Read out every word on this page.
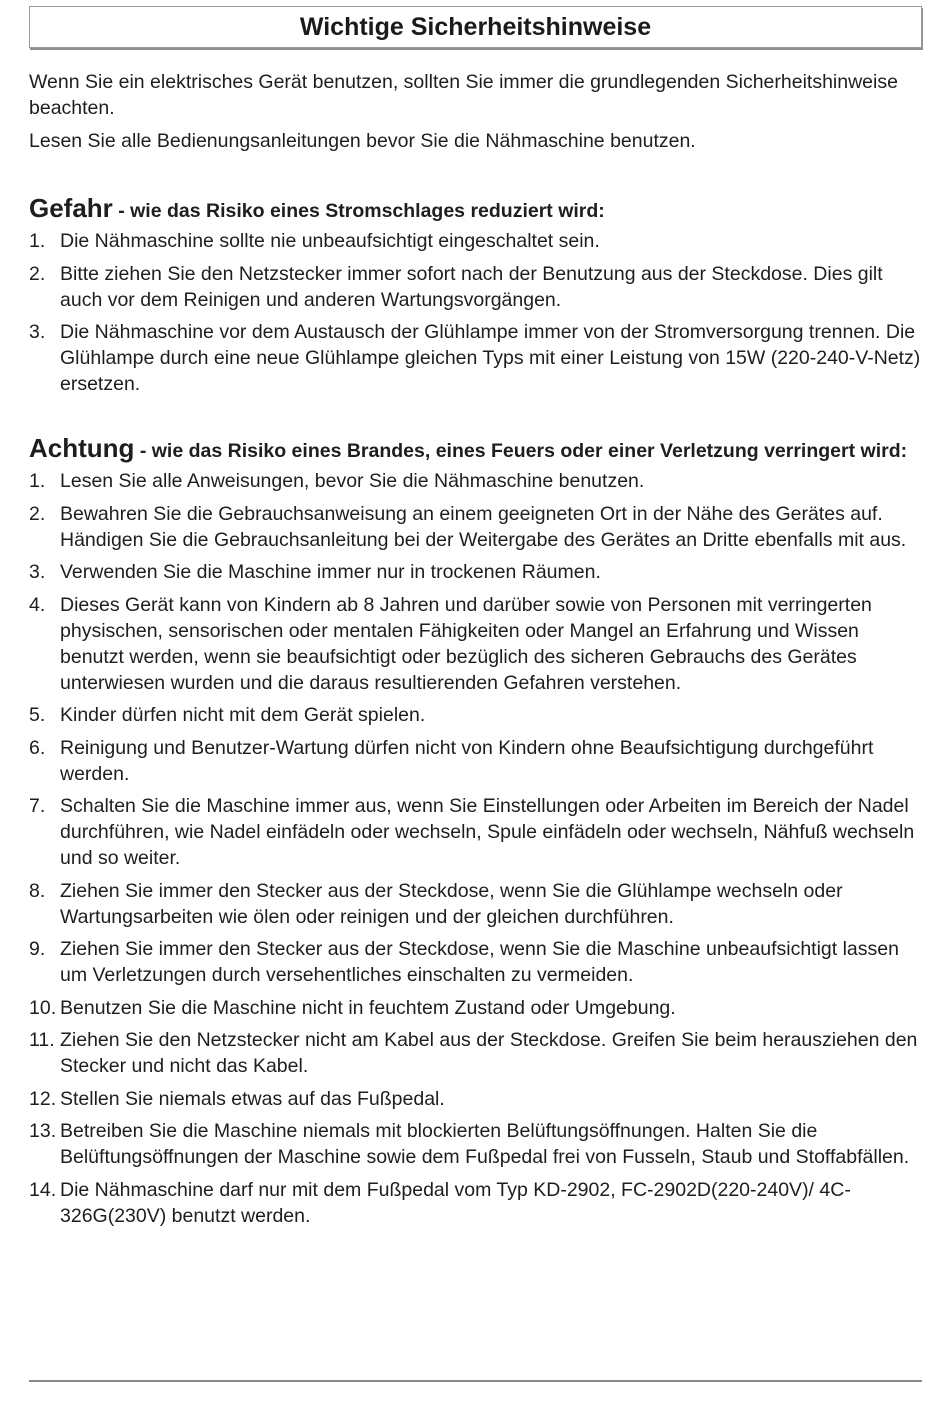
Wichtige Sicherheitshinweise

Wenn Sie ein elektrisches Gerät benutzen, sollten Sie immer die grundlegenden Sicherheitshinweise beachten.

Lesen Sie alle Bedienungsanleitungen bevor Sie die Nähmaschine benutzen.

Gefahr - wie das Risiko eines Stromschlages reduziert wird:
1. Die Nähmaschine sollte nie unbeaufsichtigt eingeschaltet sein.
2. Bitte ziehen Sie den Netzstecker immer sofort nach der Benutzung aus der Steckdose. Dies gilt auch vor dem Reinigen und anderen Wartungsvorgängen.
3. Die Nähmaschine vor dem Austausch der Glühlampe immer von der Stromversorgung trennen. Die Glühlampe durch eine neue Glühlampe gleichen Typs mit einer Leistung von 15W (220-240-V-Netz) ersetzen.
Achtung - wie das Risiko eines Brandes, eines Feuers oder einer Verletzung verringert wird:
1. Lesen Sie alle Anweisungen, bevor Sie die Nähmaschine benutzen.
2. Bewahren Sie die Gebrauchsanweisung an einem geeigneten Ort in der Nähe des Gerätes auf. Händigen Sie die Gebrauchsanleitung bei der Weitergabe des Gerätes an Dritte ebenfalls mit aus.
3. Verwenden Sie die Maschine immer nur in trockenen Räumen.
4. Dieses Gerät kann von Kindern ab 8 Jahren und darüber sowie von Personen mit verringerten physischen, sensorischen oder mentalen Fähigkeiten oder Mangel an Erfahrung und Wissen benutzt werden, wenn sie beaufsichtigt oder bezüglich des sicheren Gebrauchs des Gerätes unterwiesen wurden und die daraus resultierenden Gefahren verstehen.
5. Kinder dürfen nicht mit dem Gerät spielen.
6. Reinigung und Benutzer-Wartung dürfen nicht von Kindern ohne Beaufsichtigung durchgeführt werden.
7. Schalten Sie die Maschine immer aus, wenn Sie Einstellungen oder Arbeiten im Bereich der Nadel durchführen, wie Nadel einfädeln oder wechseln, Spule einfädeln oder wechseln, Nähfuß wechseln und so weiter.
8. Ziehen Sie immer den Stecker aus der Steckdose, wenn Sie die Glühlampe wechseln oder Wartungsarbeiten wie ölen oder reinigen und der gleichen durchführen.
9. Ziehen Sie immer den Stecker aus der Steckdose, wenn Sie die Maschine unbeaufsichtigt lassen um Verletzungen durch versehentliches einschalten zu vermeiden.
10. Benutzen Sie die Maschine nicht in feuchtem Zustand oder Umgebung.
11. Ziehen Sie den Netzstecker nicht am Kabel aus der Steckdose. Greifen Sie beim herausziehen den Stecker und nicht das Kabel.
12. Stellen Sie niemals etwas auf das Fußpedal.
13. Betreiben Sie die Maschine niemals mit blockierten Belüftungsöffnungen. Halten Sie die Belüftungsöffnungen der Maschine sowie dem Fußpedal frei von Fusseln, Staub und Stoffabfällen.
14. Die Nähmaschine darf nur mit dem Fußpedal vom Typ KD-2902, FC-2902D(220-240V)/ 4C-326G(230V) benutzt werden.
